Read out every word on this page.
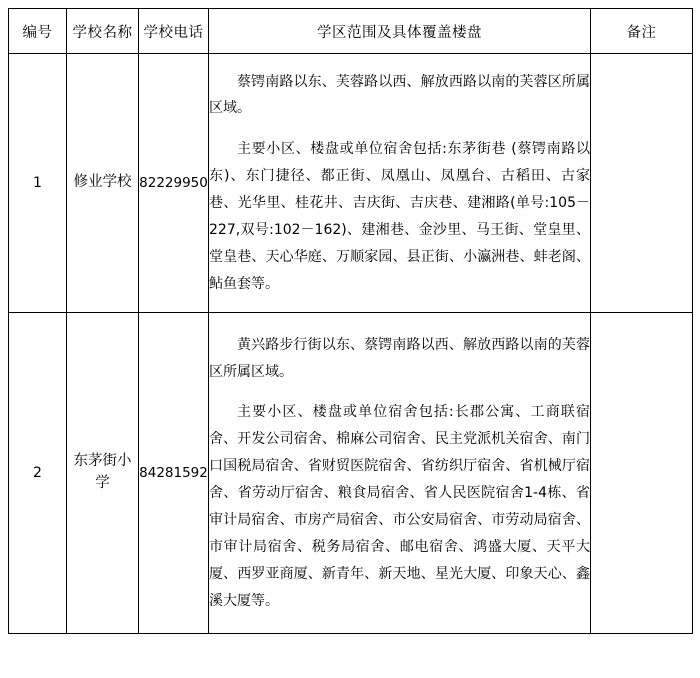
编号	学校名称	学校电话	学区范围及具体覆盖楼盘	备注
1	修业学校	82229950	蔡锷南路以东、芙蓉路以西、解放西路以南的芙蓉区所属区域。

主要小区、楼盘或单位宿舍包括:东茅街巷 (蔡锷南路以东)、东门捷径、都正街、凤凰山、凤凰台、古稻田、古家巷、光华里、桂花井、吉庆街、吉庆巷、建湘路(单号:105－227,双号:102－162)、建湘巷、金沙里、马王街、堂皇里、堂皇巷、天心华庭、万顺家园、县正街、小瀛洲巷、蚌老阁、鲇鱼套等。	

2	东茅街小学	84281592	黄兴路步行街以东、蔡锷南路以西、解放西路以南的芙蓉区所属区域。

主要小区、楼盘或单位宿舍包括:长郡公寓、工商联宿舍、开发公司宿舍、棉麻公司宿舍、民主党派机关宿舍、南门口国税局宿舍、省财贸医院宿舍、省纺织厅宿舍、省机械厅宿舍、省劳动厅宿舍、粮食局宿舍、省人民医院宿舍1-4栋、省审计局宿舍、市房产局宿舍、市公安局宿舍、市劳动局宿舍、市审计局宿舍、税务局宿舍、邮电宿舍、鸿盛大厦、天平大厦、西罗亚商厦、新青年、新天地、星光大厦、印象天心、鑫溪大厦等。	
